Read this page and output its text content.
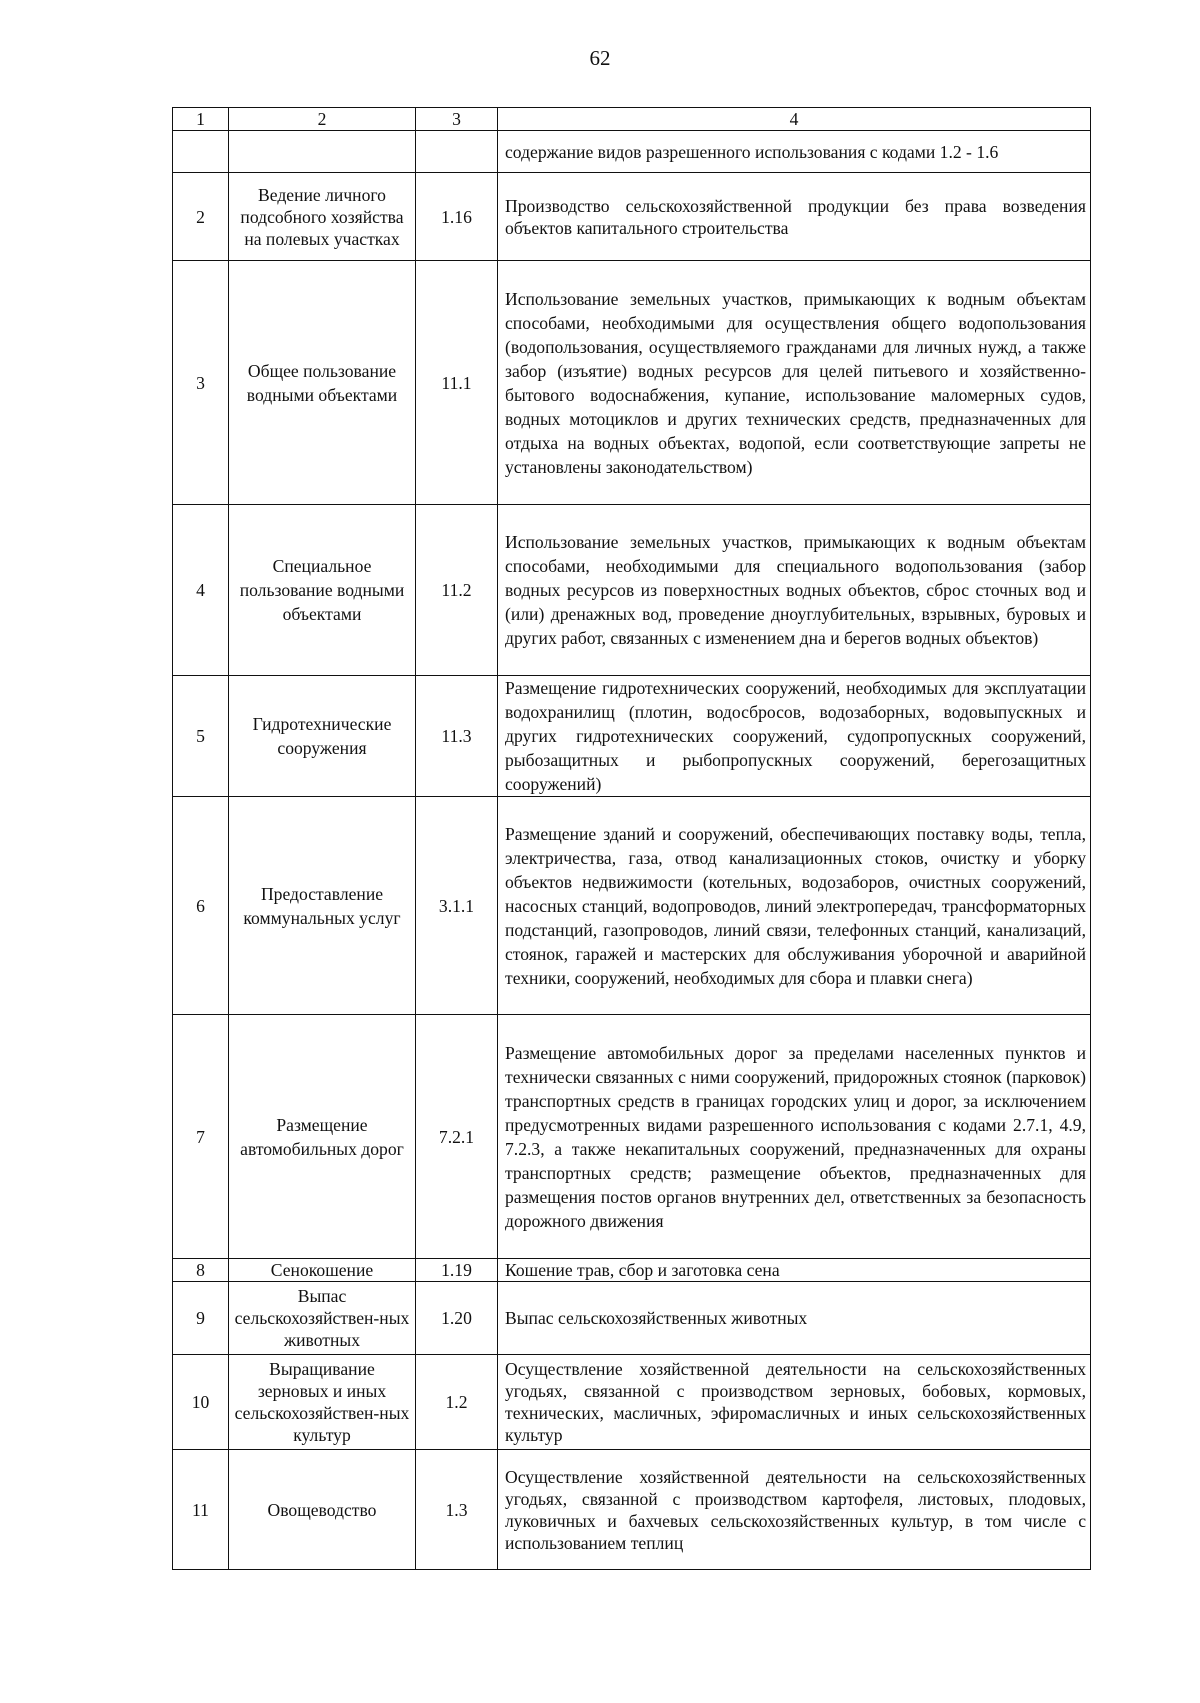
62
1	2	3	4
			содержание видов разрешенного использования с кодами 1.2 - 1.6
2	Ведение личного подсобного хозяйства на полевых участках	1.16	Производство сельскохозяйственной продукции без права возведения объектов капитального строительства
3	Общее пользование водными объектами	11.1	Использование земельных участков, примыкающих к водным объектам способами, необходимыми для осуществления общего водопользования (водопользования, осуществляемого гражданами для личных нужд, а также забор (изъятие) водных ресурсов для целей питьевого и хозяйственно-бытового водоснабжения, купание, использование маломерных судов, водных мотоциклов и других технических средств, предназначенных для отдыха на водных объектах, водопой, если соответствующие запреты не установлены законодательством)
4	Специальное пользование водными объектами	11.2	Использование земельных участков, примыкающих к водным объектам способами, необходимыми для специального водопользования (забор водных ресурсов из поверхностных водных объектов, сброс сточных вод и (или) дренажных вод, проведение дноуглубительных, взрывных, буровых и других работ, связанных с изменением дна и берегов водных объектов)
5	Гидротехнические сооружения	11.3	Размещение гидротехнических сооружений, необходимых для эксплуатации водохранилищ (плотин, водосбросов, водозаборных, водовыпускных и других гидротехнических сооружений, судопропускных сооружений, рыбозащитных и рыбопропускных сооружений, берегозащитных сооружений)
6	Предоставление коммунальных услуг	3.1.1	Размещение зданий и сооружений, обеспечивающих поставку воды, тепла, электричества, газа, отвод канализационных стоков, очистку и уборку объектов недвижимости (котельных, водозаборов, очистных сооружений, насосных станций, водопроводов, линий электропередач, трансформаторных подстанций, газопроводов, линий связи, телефонных станций, канализаций, стоянок, гаражей и мастерских для обслуживания уборочной и аварийной техники, сооружений, необходимых для сбора и плавки снега)
7	Размещение автомобильных дорог	7.2.1	Размещение автомобильных дорог за пределами населенных пунктов и технически связанных с ними сооружений, придорожных стоянок (парковок) транспортных средств в границах городских улиц и дорог, за исключением предусмотренных видами разрешенного использования с кодами 2.7.1, 4.9, 7.2.3, а также некапитальных сооружений, предназначенных для охраны транспортных средств; размещение объектов, предназначенных для размещения постов органов внутренних дел, ответственных за безопасность дорожного движения
8	Сенокошение	1.19	Кошение трав, сбор и заготовка сена
9	Выпас сельскохозяйствен-ных животных	1.20	Выпас сельскохозяйственных животных
10	Выращивание зерновых и иных сельскохозяйствен-ных культур	1.2	Осуществление хозяйственной деятельности на сельскохозяйственных угодьях, связанной с производством зерновых, бобовых, кормовых, технических, масличных, эфиромасличных и иных сельскохозяйственных культур
11	Овощеводство	1.3	Осуществление хозяйственной деятельности на сельскохозяйственных угодьях, связанной с производством картофеля, листовых, плодовых, луковичных и бахчевых сельскохозяйственных культур, в том числе с использованием теплиц
